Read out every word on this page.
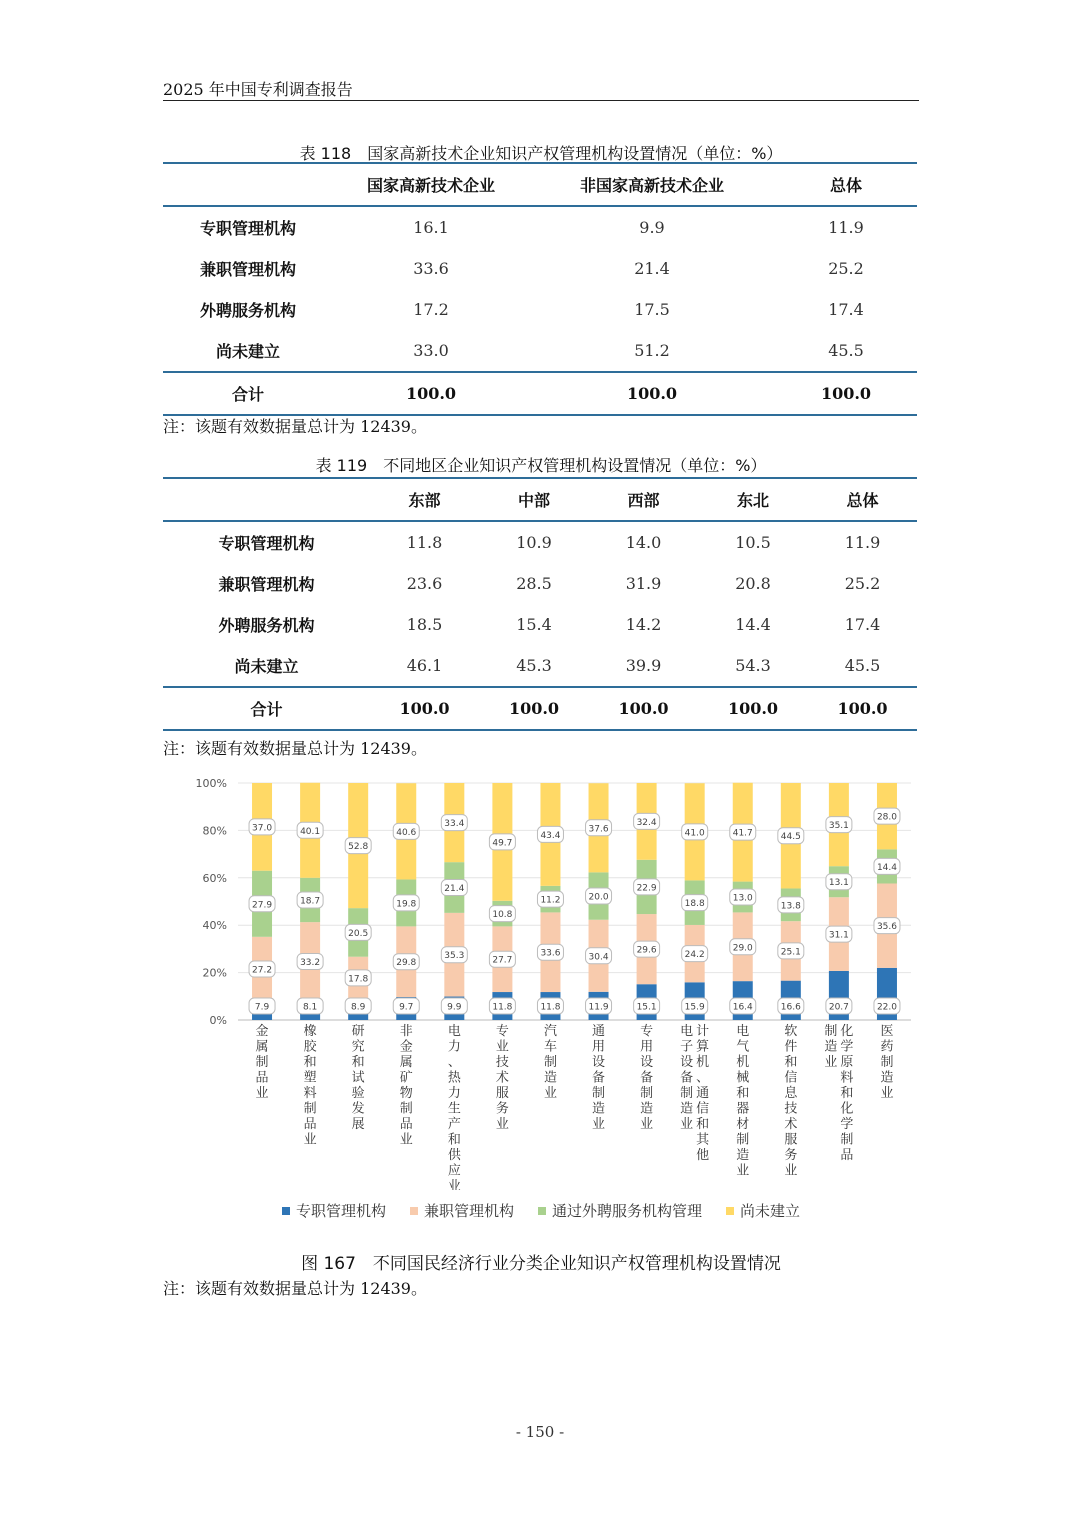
2025 年中国专利调查报告
表 118　国家高新技术企业知识产权管理机构设置情况（单位：%）
	国家高新技术企业	非国家高新技术企业	总体
专职管理机构	16.1	9.9	11.9
兼职管理机构	33.6	21.4	25.2
外聘服务机构	17.2	17.5	17.4
尚未建立	33.0	51.2	45.5
合计	100.0	100.0	100.0
注：该题有效数据量总计为 12439。
表 119　不同地区企业知识产权管理机构设置情况（单位：%）
	东部	中部	西部	东北	总体
专职管理机构	11.8	10.9	14.0	10.5	11.9
兼职管理机构	23.6	28.5	31.9	20.8	25.2
外聘服务机构	18.5	15.4	14.2	14.4	17.4
尚未建立	46.1	45.3	39.9	54.3	45.5
合计	100.0	100.0	100.0	100.0	100.0
注：该题有效数据量总计为 12439。
0%
20%
40%
60%
80%
100%
7.9
27.2
27.9
37.0
金属制品业
8.1
33.2
18.7
40.1
橡胶和塑料制品业
8.9
17.8
20.5
52.8
研究和试验发展
9.7
29.8
19.8
40.6
非金属矿物制品业
9.9
35.3
21.4
33.4
电力、热力生产和供应业
11.8
27.7
10.8
49.7
专业技术服务业
11.8
33.6
11.2
43.4
汽车制造业
11.9
30.4
20.0
37.6
通用设备制造业
15.1
29.6
22.9
32.4
专用设备制造业
15.9
24.2
18.8
41.0
计算机、通信和其他
电子设备制造业
16.4
29.0
13.0
41.7
电气机械和器材制造业
16.6
25.1
13.8
44.5
软件和信息技术服务业
20.7
31.1
13.1
35.1
化学原料和化学制品
制造业
22.0
35.6
14.4
28.0
医药制造业
专职管理机构	兼职管理机构	通过外聘服务机构管理	尚未建立
图 167　不同国民经济行业分类企业知识产权管理机构设置情况
注：该题有效数据量总计为 12439。
- 150 -
